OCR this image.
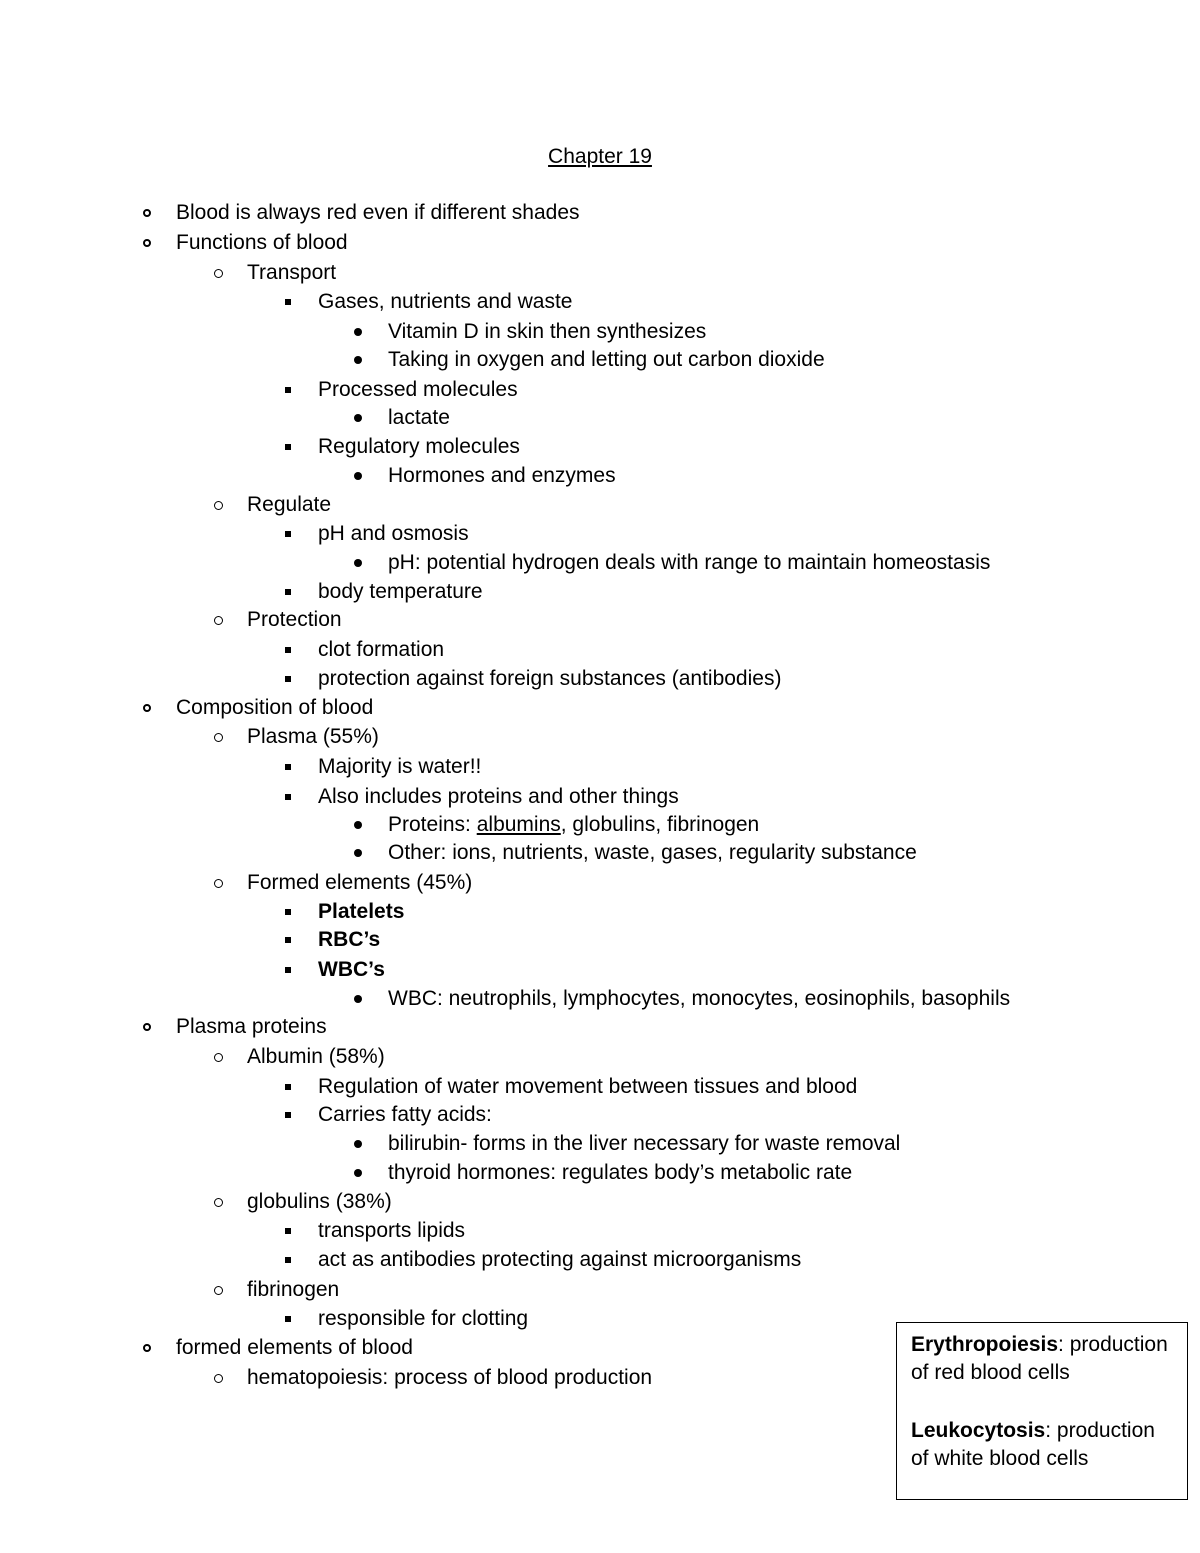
Chapter 19
Blood is always red even if different shades
Functions of blood
Transport
Gases, nutrients and waste
Vitamin D in skin then synthesizes
Taking in oxygen and letting out carbon dioxide
Processed molecules
lactate
Regulatory molecules
Hormones and enzymes
Regulate
pH and osmosis
pH: potential hydrogen deals with range to maintain homeostasis
body temperature
Protection
clot formation
protection against foreign substances (antibodies)
Composition of blood
Plasma (55%)
Majority is water!!
Also includes proteins and other things
Proteins: albumins, globulins, fibrinogen
Other: ions, nutrients, waste, gases, regularity substance
Formed elements (45%)
Platelets
RBC’s
WBC’s
WBC: neutrophils, lymphocytes, monocytes, eosinophils, basophils
Plasma proteins
Albumin (58%)
Regulation of water movement between tissues and blood
Carries fatty acids:
bilirubin- forms in the liver necessary for waste removal
thyroid hormones: regulates body’s metabolic rate
globulins (38%)
transports lipids
act as antibodies protecting against microorganisms
fibrinogen
responsible for clotting
formed elements of blood
hematopoiesis: process of blood production

Erythropoiesis: production

of red blood cells

Leukocytosis: production

of white blood cells
